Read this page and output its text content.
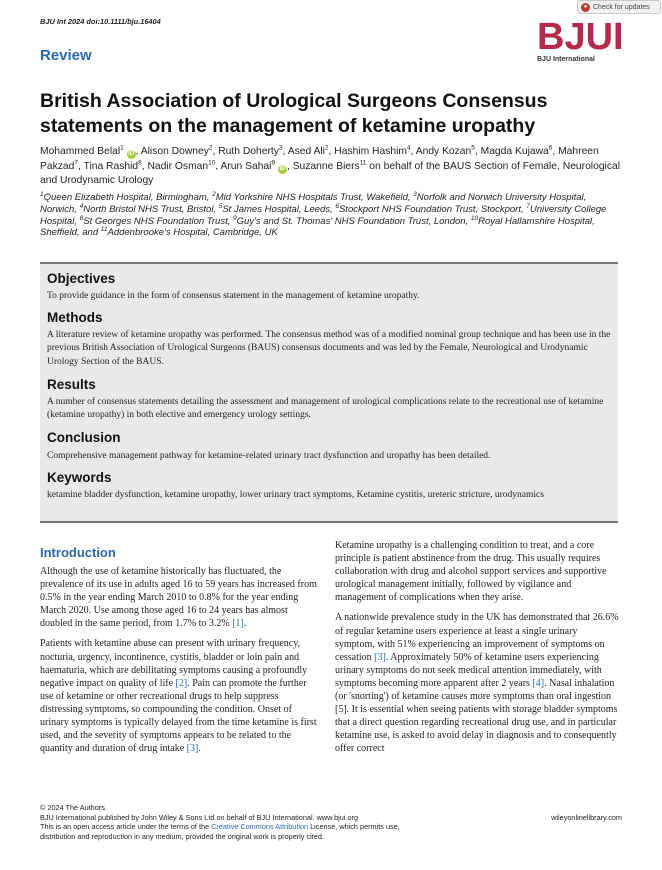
BJU Int 2024 doi:10.1111/bju.16404
● Check for updates
BJUI
BJU International
Review
British Association of Urological Surgeons Consensus statements on the management of ketamine uropathy
Mohammed Belal$^1$ iD , Alison Downey$^2$, Ruth Doherty$^3$, Ased Ali$^2$, Hashim Hashim$^4$, Andy Kozan$^5$, Magda Kujawa$^6$, Mahreen Pakzad$^7$, Tina Rashid$^8$, Nadir Osman$^{10}$, Arun Sahai$^9$ iD , Suzanne Biers$^{11}$ on behalf of the BAUS Section of Female, Neurological and Urodynamic Urology
$^1$Queen Elizabeth Hospital, Birmingham, $^2$Mid Yorkshire NHS Hospitals Trust, Wakefield, $^3$Norfolk and Norwich University Hospital, Norwich, $^4$North Bristol NHS Trust, Bristol, $^5$St James Hospital, Leeds, $^6$Stockport NHS Foundation Trust, Stockport, $^7$University College Hospital, $^8$St Georges NHS Foundation Trust, $^9$Guy's and St. Thomas' NHS Foundation Trust, London, $^{10}$Royal Hallamshire Hospital, Sheffield, and $^{11}$Addenbrooke's Hospital, Cambridge, UK
Objectives
To provide guidance in the form of consensus statement in the management of ketamine uropathy.
Methods
A literature review of ketamine uropathy was performed. The consensus method was of a modified nominal group technique and has been use in the previous British Association of Urological Surgeons (BAUS) consensus documents and was led by the Female, Neurological and Urodynamic Urology Section of the BAUS.
Results
A number of consensus statements detailing the assessment and management of urological complications relate to the recreational use of ketamine (ketamine uropathy) in both elective and emergency urology settings.
Conclusion
Comprehensive management pathway for ketamine-related urinary tract dysfunction and uropathy has been detailed.
Keywords
ketamine bladder dysfunction, ketamine uropathy, lower urinary tract symptoms, Ketamine cystitis, ureteric stricture, urodynamics
Introduction

Although the use of ketamine historically has fluctuated, the prevalence of its use in adults aged 16 to 59 years has increased from 0.5% in the year ending March 2010 to 0.8% for the year ending March 2020. Use among those aged 16 to 24 years has almost doubled in the same period, from 1.7% to 3.2% [1].

Patients with ketamine abuse can present with urinary frequency, nocturia, urgency, incontinence, cystitis, bladder or loin pain and haematuria, which are debilitating symptoms causing a profoundly negative impact on quality of life [2]. Pain can promote the further use of ketamine or other recreational drugs to help suppress distressing symptoms, so compounding the condition. Onset of urinary symptoms is typically delayed from the time ketamine is first used, and the severity of symptoms appears to be related to the quantity and duration of drug intake [3].

Ketamine uropathy is a challenging condition to treat, and a core principle is patient abstinence from the drug. This usually requires collaboration with drug and alcohol support services and supportive urological management initially, followed by vigilance and management of complications when they arise.

A nationwide prevalence study in the UK has demonstrated that 26.6% of regular ketamine users experience at least a single urinary symptom, with 51% experiencing an improvement of symptoms on cessation [3]. Approximately 50% of ketamine users experiencing urinary symptoms do not seek medical attention immediately, with symptoms becoming more apparent after 2 years [4]. Nasal inhalation (or 'snorting') of ketamine causes more symptoms than oral ingestion [5]. It is essential when seeing patients with storage bladder symptoms that a direct question regarding recreational drug use, and in particular ketamine use, is asked to avoid delay in diagnosis and to consequently offer correct

© 2024 The Authors.
BJU International published by John Wiley & Sons Ltd on behalf of BJU International. www.bjui.org	wileyonlinelibrary.com
This is an open access article under the terms of the Creative Commons Attribution License, which permits use,
distribution and reproduction in any medium, provided the original work is properly cited.
